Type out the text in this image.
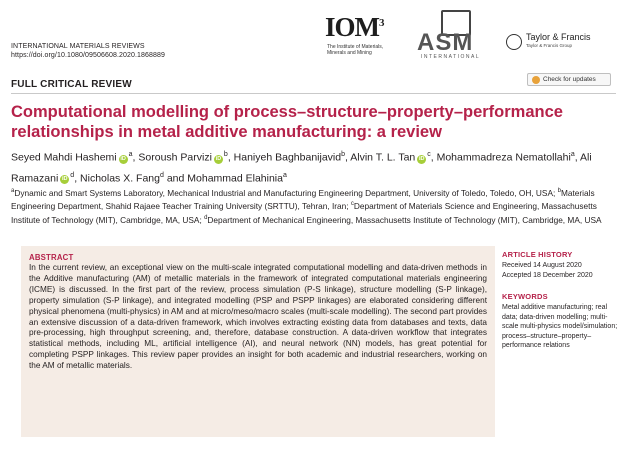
INTERNATIONAL MATERIALS REVIEWS
https://doi.org/10.1080/09506608.2020.1868889
IOM$^3$
The Institute of Materials,
Minerals and Mining	ASM
INTERNATIONAL
Taylor & Francis
Taylor & Francis Group
FULL CRITICAL REVIEW	Check for updates
Computational modelling of process–structure–property–performance relationships in metal additive manufacturing: a review
Seyed Mahdi Hashemi $iD^a$, Soroush Parvizi $iD^b$, Haniyeh Baghbanijavid$^b$, Alvin T. L. Tan $iD^c$, Mohammadreza Nematollahi$^a$, Ali Ramazani $iD^d$, Nicholas X. Fang$^d$ and Mohammad Elahinia$^a$
$^a$Dynamic and Smart Systems Laboratory, Mechanical Industrial and Manufacturing Engineering Department, University of Toledo, Toledo, OH, USA; $^b$Materials Engineering Department, Shahid Rajaee Teacher Training University (SRTTU), Tehran, Iran; $^c$Department of Materials Science and Engineering, Massachusetts Institute of Technology (MIT), Cambridge, MA, USA; $^d$Department of Mechanical Engineering, Massachusetts Institute of Technology (MIT), Cambridge, MA, USA
ABSTRACT
In the current review, an exceptional view on the multi-scale integrated computational modelling and data-driven methods in the Additive manufacturing (AM) of metallic materials in the framework of integrated computational materials engineering (ICME) is discussed. In the first part of the review, process simulation (P-S linkage), structure modelling (S-P linkage), property simulation (S-P linkage), and integrated modelling (PSP and PSPP linkages) are elaborated considering different physical phenomena (multi-physics) in AM and at micro/meso/macro scales (multi-scale modelling). The second part provides an extensive discussion of a data-driven framework, which involves extracting existing data from databases and texts, data pre-processing, high throughput screening, and, therefore, database construction. A data-driven workflow that integrates statistical methods, including ML, artificial intelligence (AI), and neural network (NN) models, has great potential for completing PSPP linkages. This review paper provides an insight for both academic and industrial researchers, working on the AM of metallic materials.
ARTICLE HISTORY
Received 14 August 2020
Accepted 18 December 2020
KEYWORDS
Metal additive manufacturing; real data; data-driven modelling; multi-scale multi-physics model/simulation; process–structure–property–performance relations
